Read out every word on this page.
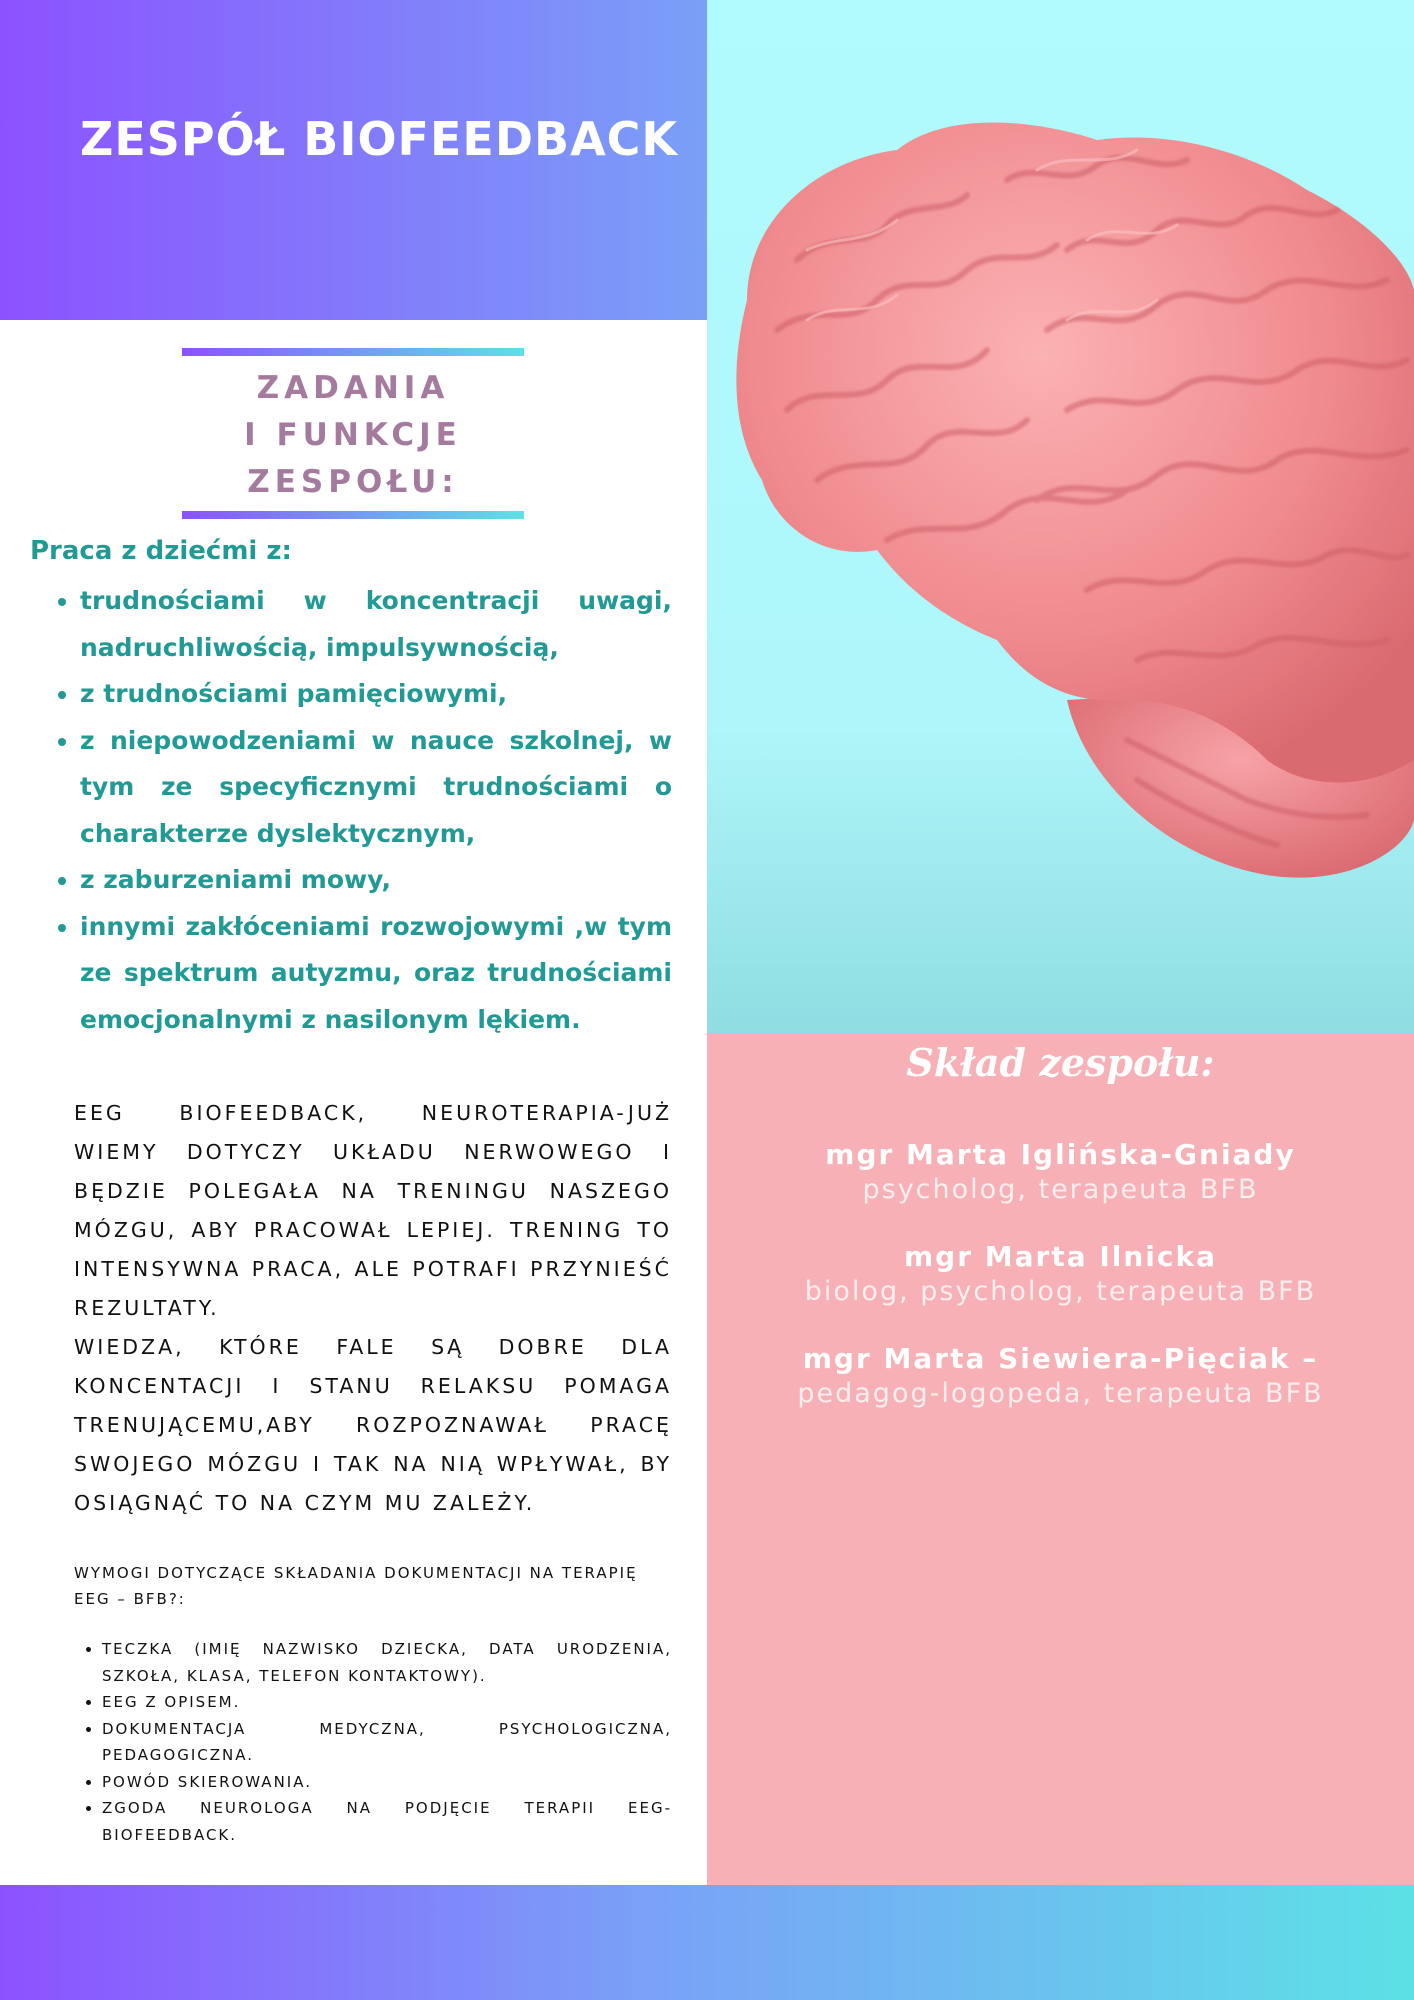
ZESPÓŁ BIOFEEDBACK
Skład zespołu:
mgr Marta Iglińska-Gniady
psycholog, terapeuta BFB
mgr Marta Ilnicka
biolog, psycholog, terapeuta BFB
mgr Marta Siewiera-Pięciak –
pedagog-logopeda, terapeuta BFB
ZADANIA
I FUNKCJE
ZESPOŁU:

Praca z dziećmi z:

• trudnościami w koncentracji uwagi, nadruchliwością, impulsywnością,
• z trudnościami pamięciowymi,
• z niepowodzeniami w nauce szkolnej, w tym ze specyficznymi trudnościami o charakterze dyslektycznym,
• z zaburzeniami mowy,
• innymi zakłóceniami rozwojowymi ,w tym ze spektrum autyzmu, oraz trudnościami emocjonalnymi z nasilonym lękiem.
EEG BIOFEEDBACK, NEUROTERAPIA-JUŻ WIEMY DOTYCZY UKŁADU NERWOWEGO I BĘDZIE POLEGAŁA NA TRENINGU NASZEGO MÓZGU, ABY PRACOWAŁ LEPIEJ. TRENING TO INTENSYWNA PRACA, ALE POTRAFI PRZYNIEŚĆ REZULTATY.
WIEDZA, KTÓRE FALE SĄ DOBRE DLA KONCENTACJI I STANU RELAKSU POMAGA TRENUJĄCEMU,ABY ROZPOZNAWAŁ PRACĘ SWOJEGO MÓZGU I TAK NA NIĄ WPŁYWAŁ, BY OSIĄGNĄĆ TO NA CZYM MU ZALEŻY.

WYMOGI DOTYCZĄCE SKŁADANIA DOKUMENTACJI NA TERAPIĘ EEG – BFB?:

• TECZKA (IMIĘ NAZWISKO DZIECKA, DATA URODZENIA, SZKOŁA, KLASA, TELEFON KONTAKTOWY).
• EEG Z OPISEM.
• DOKUMENTACJA MEDYCZNA, PSYCHOLOGICZNA, PEDAGOGICZNA.
• POWÓD SKIEROWANIA.
• ZGODA NEUROLOGA NA PODJĘCIE TERAPII EEG-BIOFEEDBACK.
